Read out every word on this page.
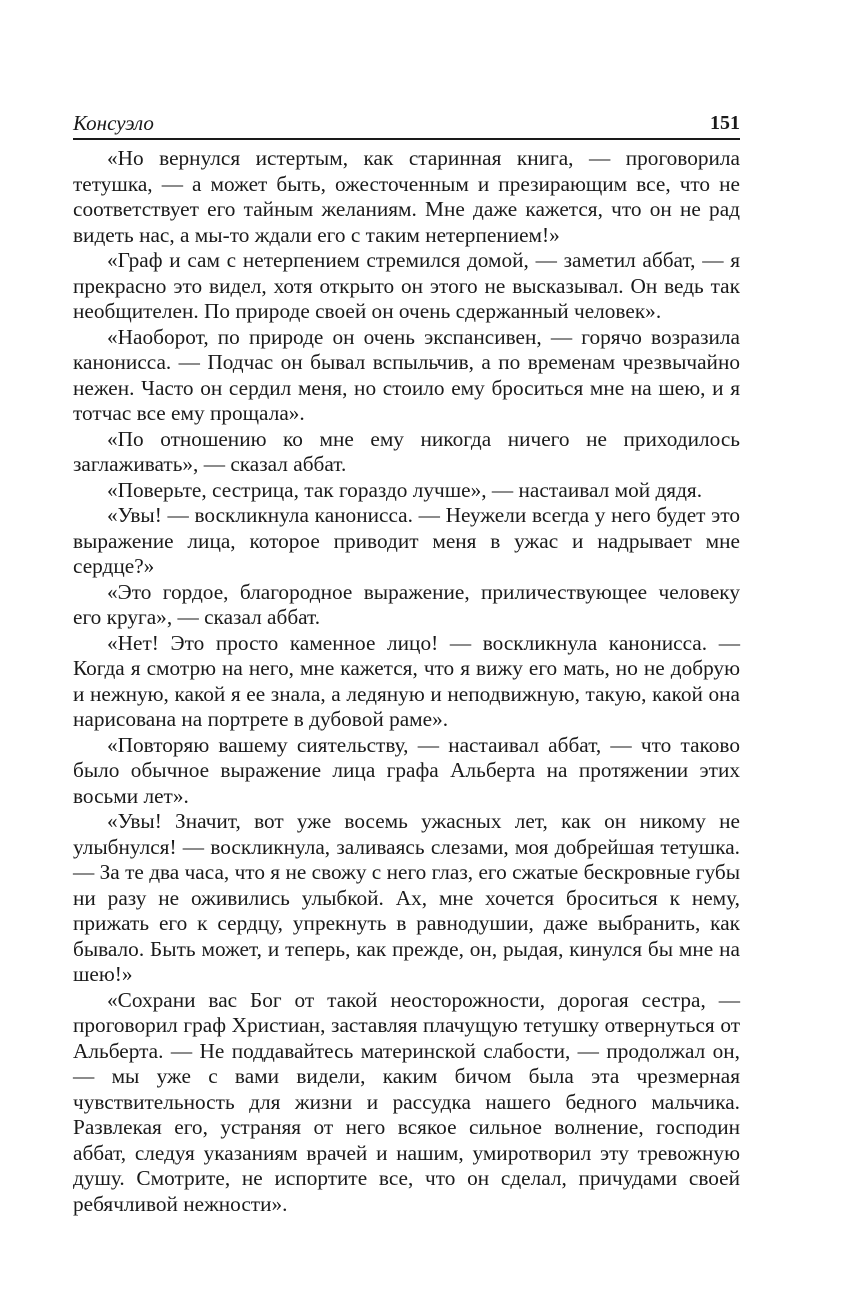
Консуэло	151

«Но вернулся истертым, как старинная книга, — проговорила тетушка, — а может быть, ожесточенным и презирающим все, что не соответствует его тайным желаниям. Мне даже кажется, что он не рад видеть нас, а мы-то ждали его с таким нетерпением!»

«Граф и сам с нетерпением стремился домой, — заметил аббат, — я прекрасно это видел, хотя открыто он этого не высказывал. Он ведь так необщителен. По природе своей он очень сдержанный человек».

«Наоборот, по природе он очень экспансивен, — горячо возразила канонисса. — Подчас он бывал вспыльчив, а по временам чрезвычайно нежен. Часто он сердил меня, но стоило ему броситься мне на шею, и я тотчас все ему прощала».

«По отношению ко мне ему никогда ничего не приходилось заглаживать», — сказал аббат.

«Поверьте, сестрица, так гораздо лучше», — настаивал мой дядя.

«Увы! — воскликнула канонисса. — Неужели всегда у него будет это выражение лица, которое приводит меня в ужас и надрывает мне сердце?»

«Это гордое, благородное выражение, приличествующее человеку его круга», — сказал аббат.

«Нет! Это просто каменное лицо! — воскликнула канонисса. — Когда я смотрю на него, мне кажется, что я вижу его мать, но не добрую и нежную, какой я ее знала, а ледяную и неподвижную, такую, какой она нарисована на портрете в дубовой раме».

«Повторяю вашему сиятельству, — настаивал аббат, — что таково было обычное выражение лица графа Альберта на протяжении этих восьми лет».

«Увы! Значит, вот уже восемь ужасных лет, как он никому не улыбнулся! — воскликнула, заливаясь слезами, моя добрейшая тетушка. — За те два часа, что я не свожу с него глаз, его сжатые бескровные губы ни разу не оживились улыбкой. Ах, мне хочется броситься к нему, прижать его к сердцу, упрекнуть в равнодушии, даже выбранить, как бывало. Быть может, и теперь, как прежде, он, рыдая, кинулся бы мне на шею!»

«Сохрани вас Бог от такой неосторожности, дорогая сестра, — проговорил граф Христиан, заставляя плачущую тетушку отвернуться от Альберта. — Не поддавайтесь материнской слабости, — продолжал он, — мы уже с вами видели, каким бичом была эта чрезмерная чувствительность для жизни и рассудка нашего бедного мальчика. Развлекая его, устраняя от него всякое сильное волнение, господин аббат, следуя указаниям врачей и нашим, умиротворил эту тревожную душу. Смотрите, не испортите все, что он сделал, причудами своей ребячливой нежности».
